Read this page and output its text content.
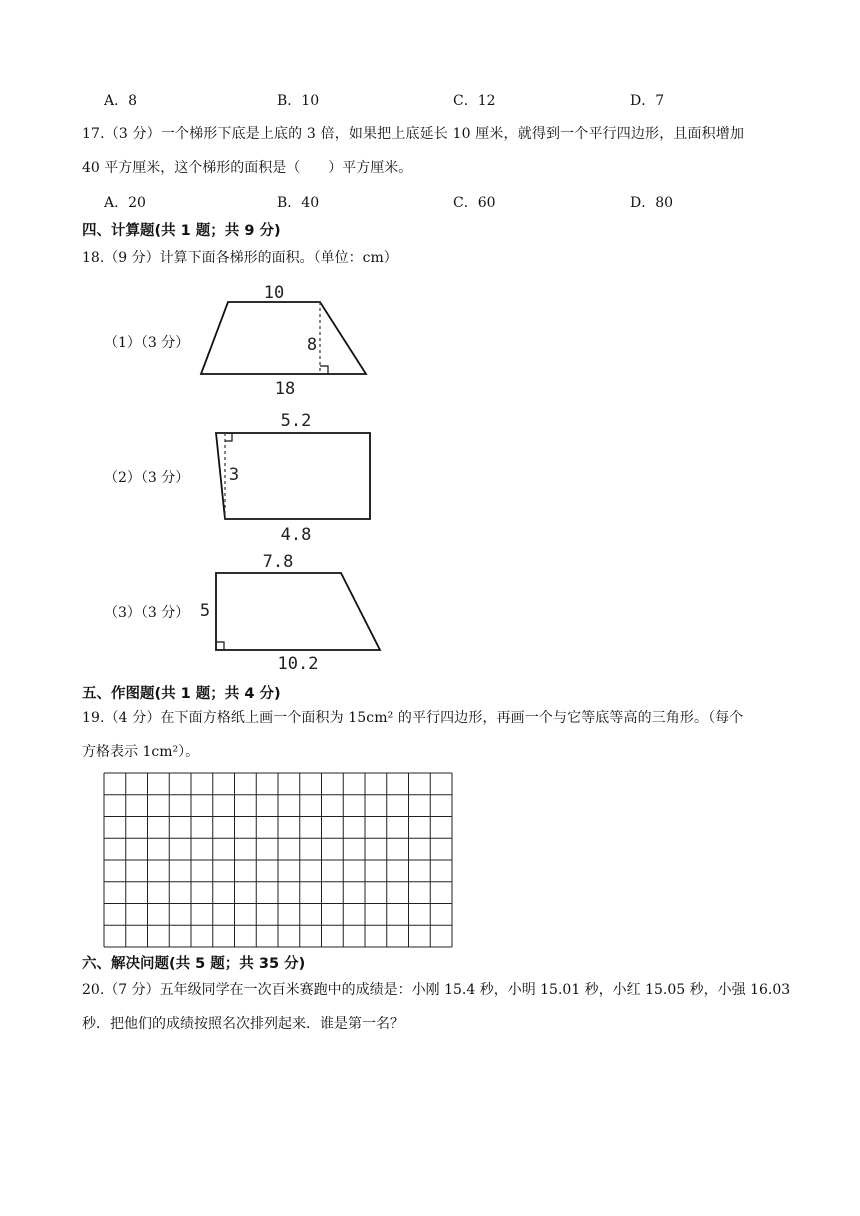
A．8	B．10	C．12	D．7
17.（3 分）一个梯形下底是上底的 3 倍，如果把上底延长 10 厘米，就得到一个平行四边形，且面积增加
40 平方厘米，这个梯形的面积是（　　）平方厘米。
A．20	B．40	C．60	D．80
四、计算题(共 1 题；共 9 分)
18.（9 分）计算下面各梯形的面积。（单位：cm）
（1）（3 分）
10
8
18
（2）（3 分）
5.2
3
4.8
（3）（3 分）
7.8
5
10.2
五、作图题(共 1 题；共 4 分)
19.（4 分）在下面方格纸上画一个面积为 15cm² 的平行四边形，再画一个与它等底等高的三角形。（每个
方格表示 1cm²）。
六、解决问题(共 5 题；共 35 分)
20.（7 分）五年级同学在一次百米赛跑中的成绩是：小刚 15.4 秒，小明 15.01 秒，小红 15.05 秒，小强 16.03
秒．把他们的成绩按照名次排列起来．谁是第一名？
